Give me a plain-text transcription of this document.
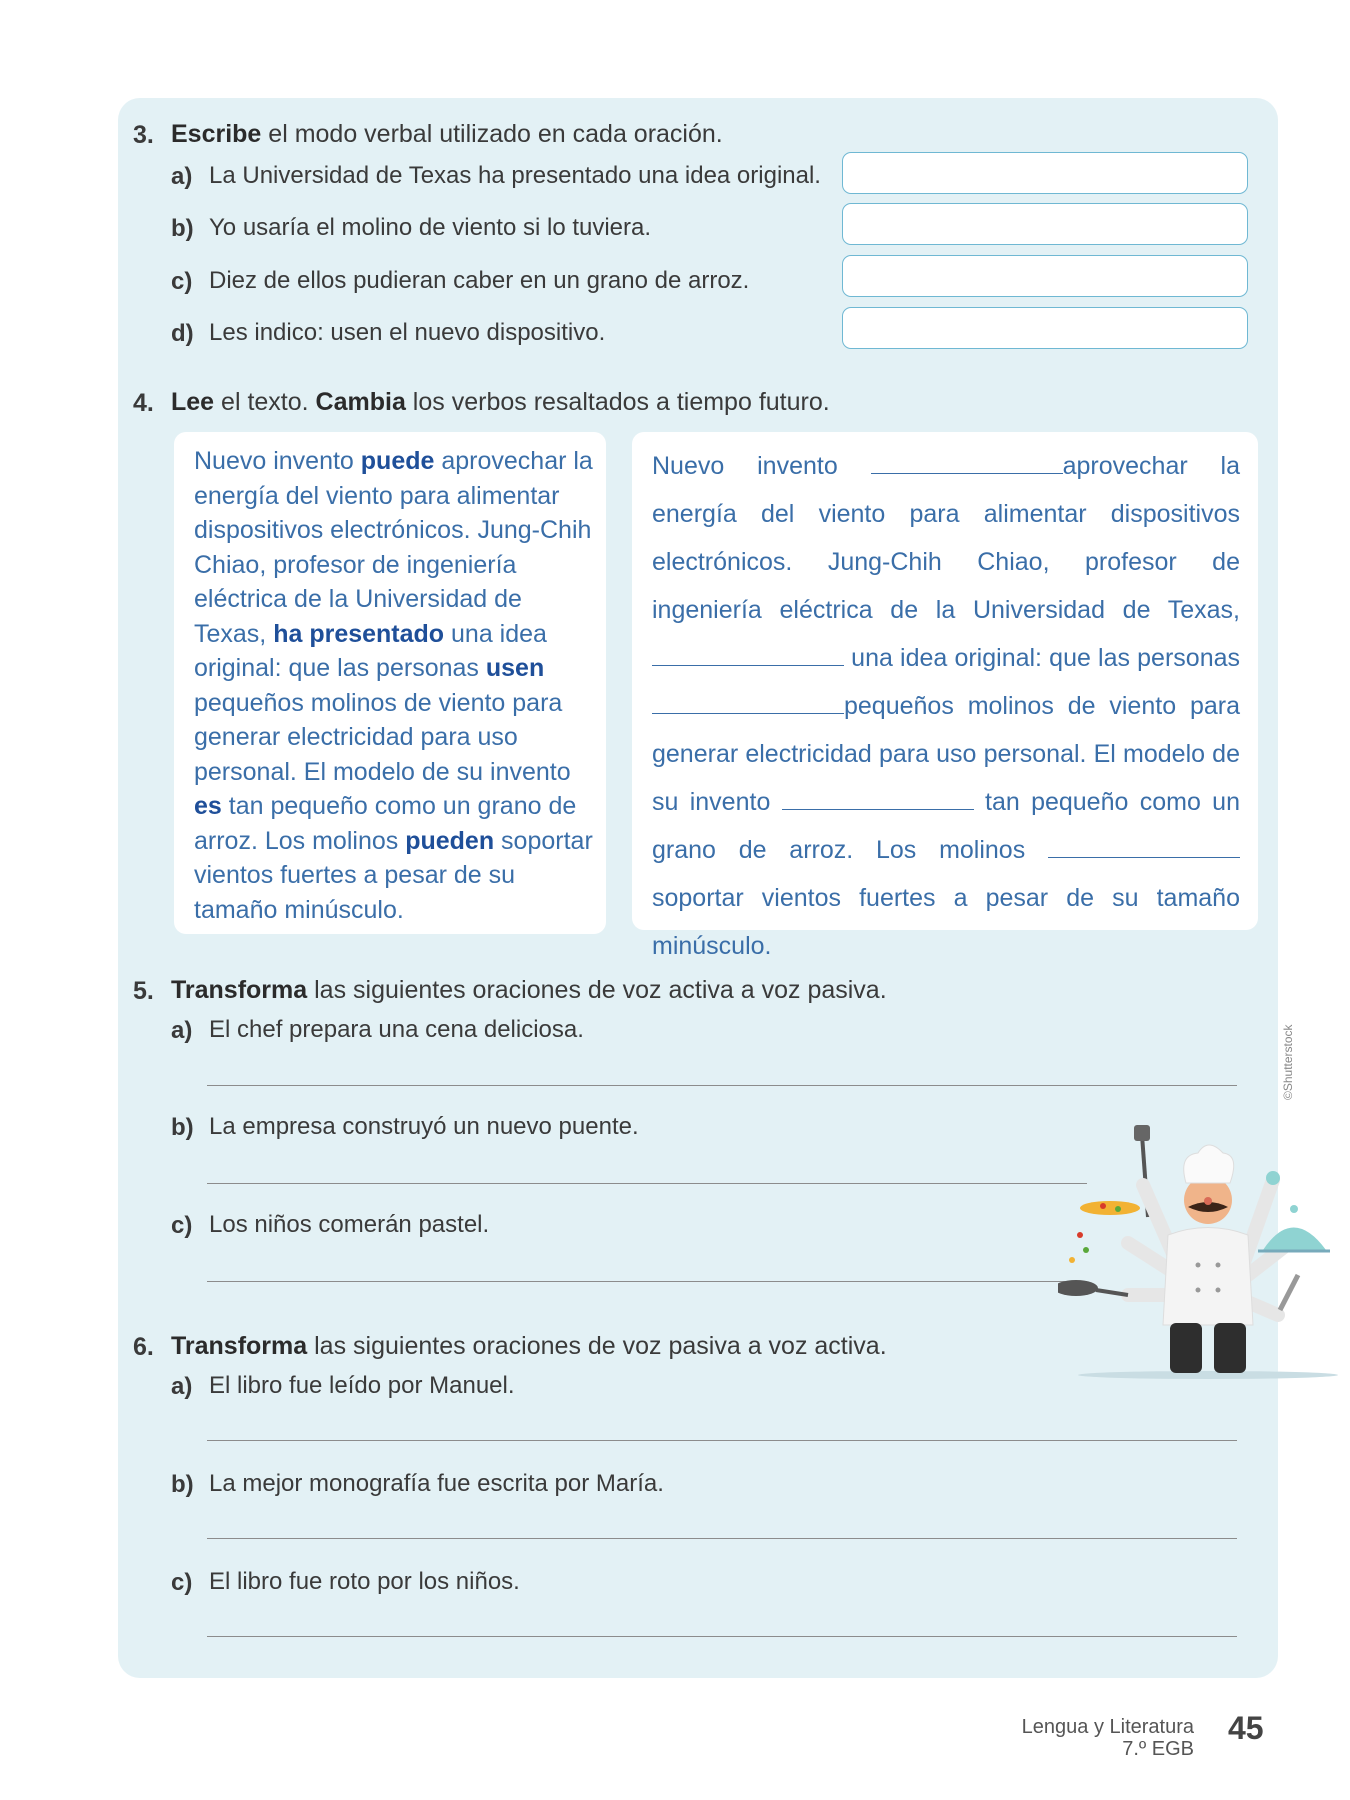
3. Escribe el modo verbal utilizado en cada oración.
a) La Universidad de Texas ha presentado una idea original.
b) Yo usaría el molino de viento si lo tuviera.
c) Diez de ellos pudieran caber en un grano de arroz.
d) Les indico: usen el nuevo dispositivo.
4. Lee el texto. Cambia los verbos resaltados a tiempo futuro.
Nuevo invento puede aprovechar la energía del viento para alimentar dispositivos electrónicos. Jung-Chih Chiao, profesor de ingeniería eléctrica de la Universidad de Texas, ha presentado una idea original: que las personas usen pequeños molinos de viento para generar electricidad para uso personal. El modelo de su invento es tan pequeño como un grano de arroz. Los molinos pueden soportar vientos fuertes a pesar de su tamaño minúsculo.
Nuevo invento	aprovechar la energía del viento para alimentar dispositivos electrónicos. Jung-Chih Chiao, profesor de ingeniería eléctrica de la Universidad de Texas,  una idea original: que las personas pequeños molinos de viento para generar electricidad para uso personal. El modelo de su invento	tan pequeño como un grano de arroz. Los molinos  soportar vientos fuertes a pesar de su tamaño minúsculo.
5. Transforma las siguientes oraciones de voz activa a voz pasiva.
a) El chef prepara una cena deliciosa.
b) La empresa construyó un nuevo puente.
c) Los niños comerán pastel.
6. Transforma las siguientes oraciones de voz pasiva a voz activa.
a) El libro fue leído por Manuel.
b) La mejor monografía fue escrita por María.
c) El libro fue roto por los niños.
©Shutterstock
Lengua y Literatura
7.º EGB
45
